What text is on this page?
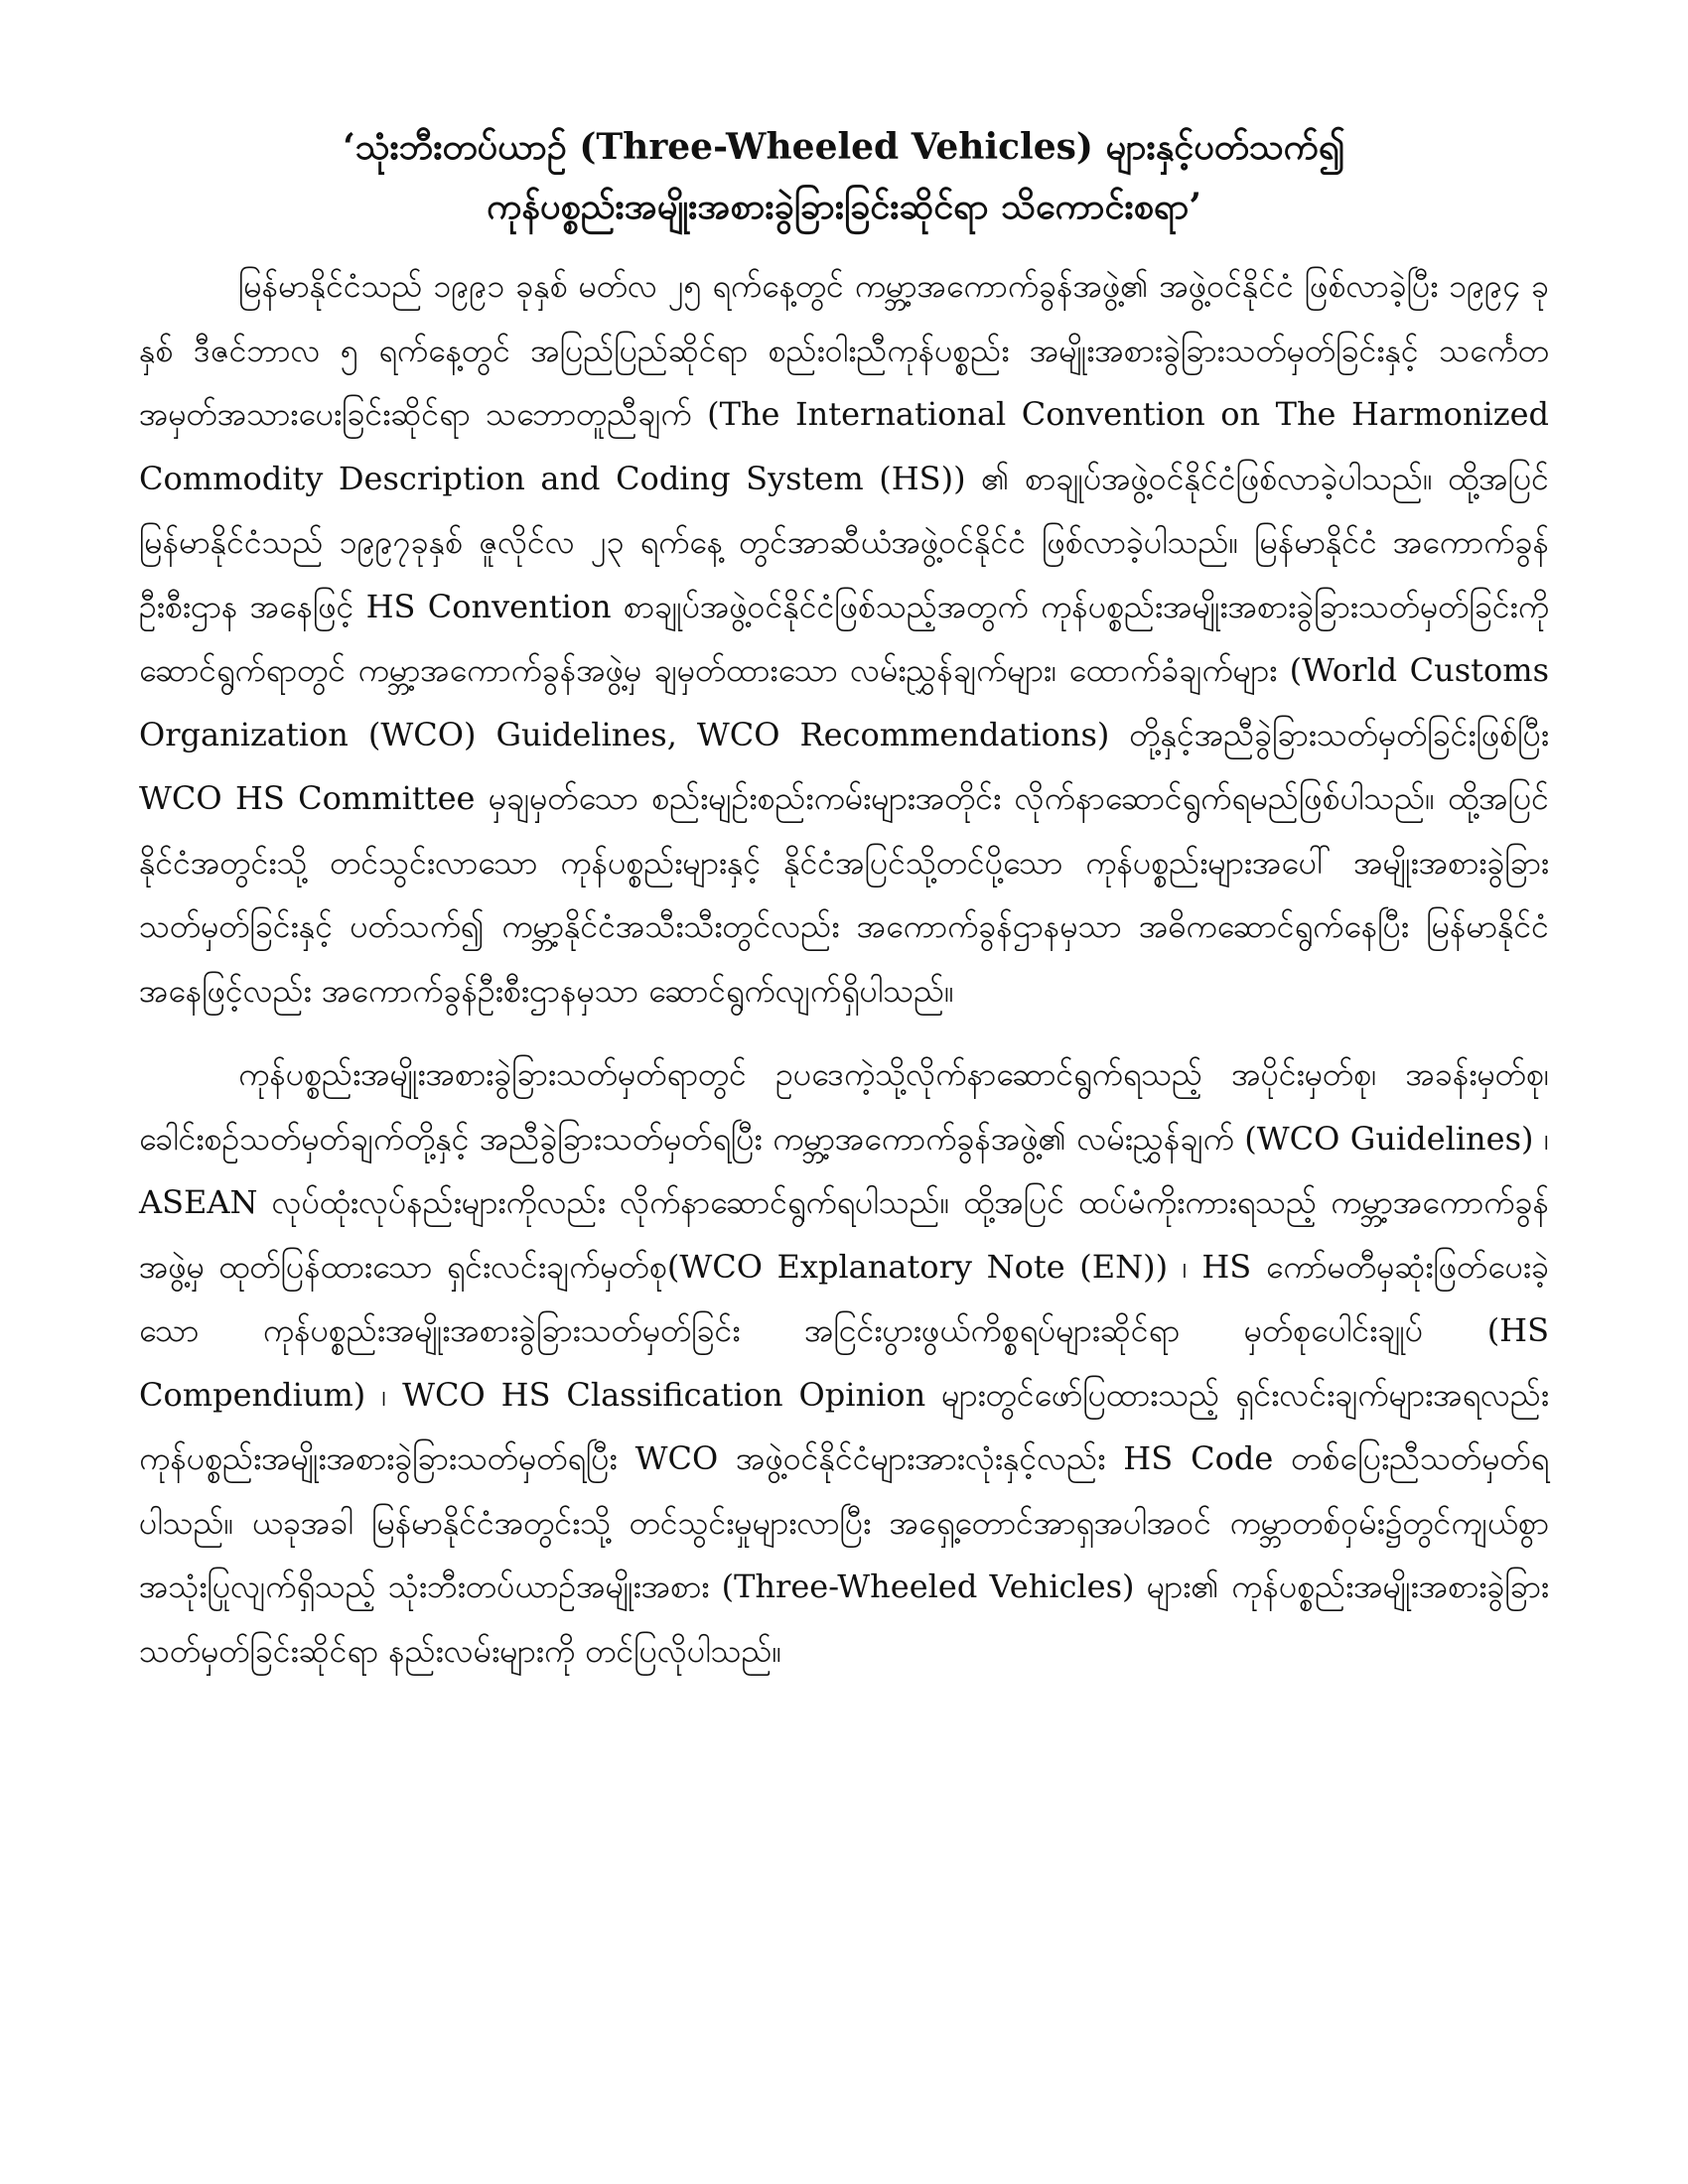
‘သုံးဘီးတပ်ယာဉ် (Three-Wheeled Vehicles) များနှင့်ပတ်သက်၍
ကုန်ပစ္စည်းအမျိုးအစားခွဲခြားခြင်းဆိုင်ရာ သိကောင်းစရာ’

မြန်မာနိုင်ငံသည် ၁၉၉၁ ခုနှစ် မတ်လ ၂၅ ရက်နေ့တွင် ကမ္ဘာ့အကောက်ခွန်အဖွဲ့၏ အဖွဲ့ဝင်နိုင်ငံ ဖြစ်လာခဲ့ပြီး ၁၉၉၄ ခုနှစ် ဒီဇင်ဘာလ ၅ ရက်နေ့တွင် အပြည်ပြည်ဆိုင်ရာ စည်းဝါးညီကုန်ပစ္စည်း အမျိုးအစားခွဲခြားသတ်မှတ်ခြင်းနှင့် သင်္ကေတအမှတ်အသားပေးခြင်းဆိုင်ရာ သဘောတူညီချက် (The International Convention on The Harmonized Commodity Description and Coding System (HS)) ၏ စာချုပ်အဖွဲ့ဝင်နိုင်ငံဖြစ်လာခဲ့ပါသည်။ ထို့အပြင် မြန်မာနိုင်ငံသည် ၁၉၉၇ခုနှစ် ဇူလိုင်လ ၂၃ ရက်နေ့ တွင်အာဆီယံအဖွဲ့ဝင်နိုင်ငံ ဖြစ်လာခဲ့ပါသည်။ မြန်မာနိုင်ငံ အကောက်ခွန်ဦးစီးဌာန အနေဖြင့် HS Convention စာချုပ်အဖွဲ့ဝင်နိုင်ငံဖြစ်သည့်အတွက် ကုန်ပစ္စည်းအမျိုးအစားခွဲခြားသတ်မှတ်ခြင်းကို ဆောင်ရွက်ရာတွင် ကမ္ဘာ့အကောက်ခွန်အဖွဲ့မှ ချမှတ်ထားသော လမ်းညွှန်ချက်များ၊ ထောက်ခံချက်များ (World Customs Organization (WCO) Guidelines, WCO Recommendations) တို့နှင့်အညီခွဲခြားသတ်မှတ်ခြင်းဖြစ်ပြီး WCO HS Committee မှချမှတ်သော စည်းမျဉ်းစည်းကမ်းများအတိုင်း လိုက်နာဆောင်ရွက်ရမည်ဖြစ်ပါသည်။ ထို့အပြင် နိုင်ငံအတွင်းသို့ တင်သွင်းလာသော ကုန်ပစ္စည်းများနှင့် နိုင်ငံအပြင်သို့တင်ပို့သော ကုန်ပစ္စည်းများအပေါ် အမျိုးအစားခွဲခြားသတ်မှတ်ခြင်းနှင့် ပတ်သက်၍ ကမ္ဘာ့နိုင်ငံအသီးသီးတွင်လည်း အကောက်ခွန်ဌာနမှသာ အဓိကဆောင်ရွက်နေပြီး မြန်မာနိုင်ငံအနေဖြင့်လည်း အကောက်ခွန်ဦးစီးဌာနမှသာ ဆောင်ရွက်လျက်ရှိပါသည်။

ကုန်ပစ္စည်းအမျိုးအစားခွဲခြားသတ်မှတ်ရာတွင် ဥပဒေကဲ့သို့လိုက်နာဆောင်ရွက်ရသည့် အပိုင်းမှတ်စု၊ အခန်းမှတ်စု၊ ခေါင်းစဉ်သတ်မှတ်ချက်တို့နှင့် အညီခွဲခြားသတ်မှတ်ရပြီး ကမ္ဘာ့အကောက်ခွန်အဖွဲ့၏ လမ်းညွှန်ချက် (WCO Guidelines) ၊ ASEAN လုပ်ထုံးလုပ်နည်းများကိုလည်း လိုက်နာဆောင်ရွက်ရပါသည်။ ထို့အပြင် ထပ်မံကိုးကားရသည့် ကမ္ဘာ့အကောက်ခွန်အဖွဲ့မှ ထုတ်ပြန်ထားသော ရှင်းလင်းချက်မှတ်စု(WCO Explanatory Note (EN)) ၊ HS ကော်မတီမှဆုံးဖြတ်ပေးခဲ့သော ကုန်ပစ္စည်းအမျိုးအစားခွဲခြားသတ်မှတ်ခြင်း အငြင်းပွားဖွယ်ကိစ္စရပ်များဆိုင်ရာ မှတ်စုပေါင်းချုပ် (HS Compendium) ၊ WCO HS Classification Opinion များတွင်ဖော်ပြထားသည့် ရှင်းလင်းချက်များအရလည်း ကုန်ပစ္စည်းအမျိုးအစားခွဲခြားသတ်မှတ်ရပြီး WCO အဖွဲ့ဝင်နိုင်ငံများအားလုံးနှင့်လည်း HS Code တစ်ပြေးညီသတ်မှတ်ရပါသည်။ ယခုအခါ မြန်မာနိုင်ငံအတွင်းသို့ တင်သွင်းမှုများလာပြီး အရှေ့တောင်အာရှအပါအဝင် ကမ္ဘာတစ်ဝှမ်း၌တွင်ကျယ်စွာအသုံးပြုလျက်ရှိသည့် သုံးဘီးတပ်ယာဉ်အမျိုးအစား (Three-Wheeled Vehicles) များ၏ ကုန်ပစ္စည်းအမျိုးအစားခွဲခြားသတ်မှတ်ခြင်းဆိုင်ရာ နည်းလမ်းများကို တင်ပြလိုပါသည်။
